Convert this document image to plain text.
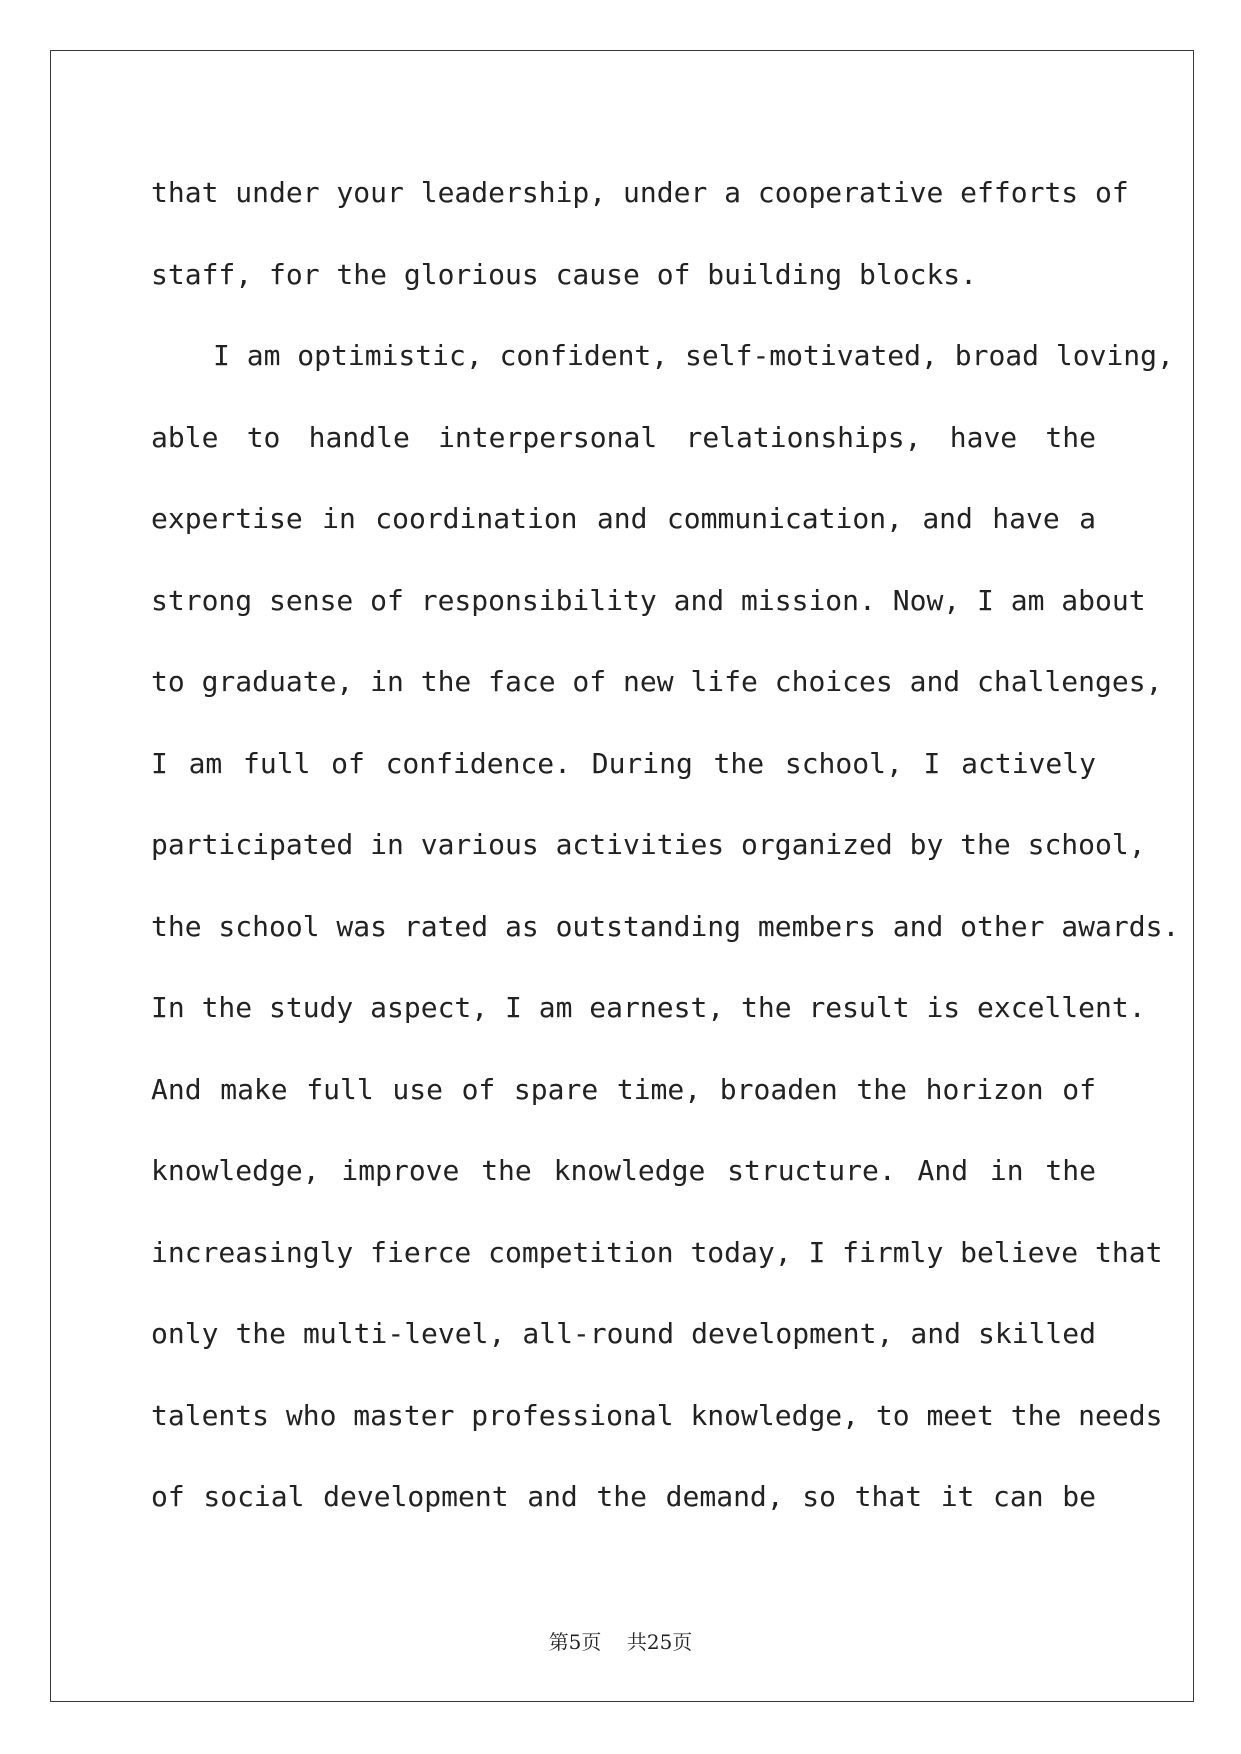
that under your leadership, under a cooperative efforts of
staff, for the glorious cause of building blocks.
I am optimistic, confident, self-motivated, broad loving,
able to handle interpersonal relationships, have the
expertise in coordination and communication, and have a
strong sense of responsibility and mission. Now, I am about
to graduate, in the face of new life choices and challenges,
I am full of confidence. During the school, I actively
participated in various activities organized by the school,
the school was rated as outstanding members and other awards.
In the study aspect, I am earnest, the result is excellent.
And make full use of spare time, broaden the horizon of
knowledge, improve the knowledge structure. And in the
increasingly fierce competition today, I firmly believe that
only the multi-level, all-round development, and skilled
talents who master professional knowledge, to meet the needs
of social development and the demand, so that it can be
第5页 共25页
